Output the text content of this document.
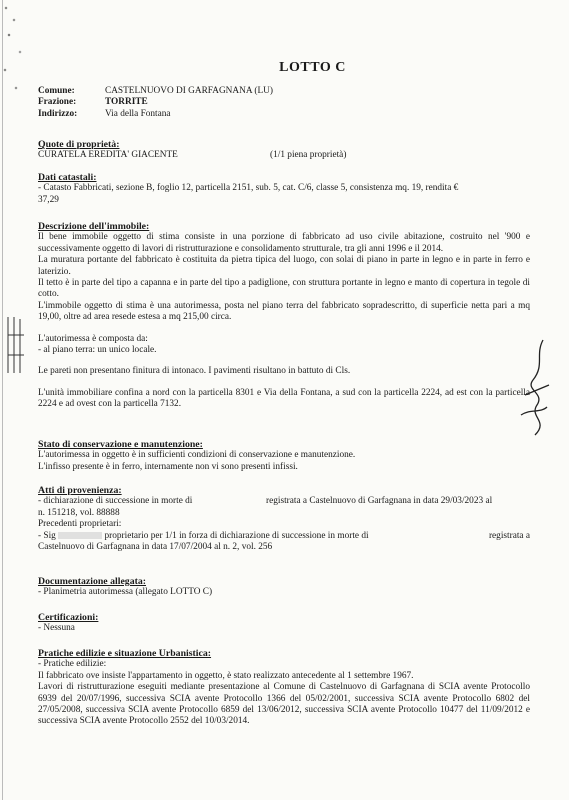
LOTTO C
Comune:	CASTELNUOVO DI GARFAGNANA (LU)
Frazione:	TORRITE
Indirizzo:	Via della Fontana
Quote di proprietà:
CURATELA EREDITA' GIACENTE	(1/1 piena proprietà)
Dati catastali:
- Catasto Fabbricati, sezione B, foglio 12, particella 2151, sub. 5, cat. C/6, classe 5, consistenza mq. 19, rendita €
37,29
Descrizione dell'immobile:
Il bene immobile oggetto di stima consiste in una porzione di fabbricato ad uso civile abitazione, costruito nel '900 e successivamente oggetto di lavori di ristrutturazione e consolidamento strutturale, tra gli anni 1996 e il 2014.
La muratura portante del fabbricato è costituita da pietra tipica del luogo, con solai di piano in parte in legno e in parte in ferro e laterizio.
Il tetto è in parte del tipo a capanna e in parte del tipo a padiglione, con struttura portante in legno e manto di copertura in tegole di cotto.
L'immobile oggetto di stima è una autorimessa, posta nel piano terra del fabbricato sopradescritto, di superficie netta pari a mq 19,00, oltre ad area resede estesa a mq 215,00 circa.
L'autorimessa è composta da:
- al piano terra: un unico locale.
Le pareti non presentano finitura di intonaco. I pavimenti risultano in battuto di Cls.
L'unità immobiliare confina a nord con la particella 8301 e Via della Fontana, a sud con la particella 2224, ad est con la particella 2224 e ad ovest con la particella 7132.
Stato di conservazione e manutenzione:
L'autorimessa in oggetto è in sufficienti condizioni di conservazione e manutenzione.
L'infisso presente è in ferro, internamente non vi sono presenti infissi.
Atti di provenienza:
- dichiarazione di successione in morte di	registrata a Castelnuovo di Garfagnana in data 29/03/2023 al
n. 151218, vol. 88888
Precedenti proprietari:
- Sig	proprietario per 1/1 in forza di dichiarazione di successione in morte di	registrata a
Castelnuovo di Garfagnana in data 17/07/2004 al n. 2, vol. 256
Documentazione allegata:
- Planimetria autorimessa (allegato LOTTO C)
Certificazioni:
- Nessuna
Pratiche edilizie e situazione Urbanistica:
- Pratiche edilizie:
Il fabbricato ove insiste l'appartamento in oggetto, è stato realizzato antecedente al 1 settembre 1967.
Lavori di ristrutturazione eseguiti mediante presentazione al Comune di Castelnuovo di Garfagnana di SCIA avente Protocollo 6939 del 20/07/1996, successiva SCIA avente Protocollo 1366 del 05/02/2001, successiva SCIA avente Protocollo 6802 del 27/05/2008, successiva SCIA avente Protocollo 6859 del 13/06/2012, successiva SCIA avente Protocollo 10477 del 11/09/2012 e successiva SCIA avente Protocollo 2552 del 10/03/2014.
